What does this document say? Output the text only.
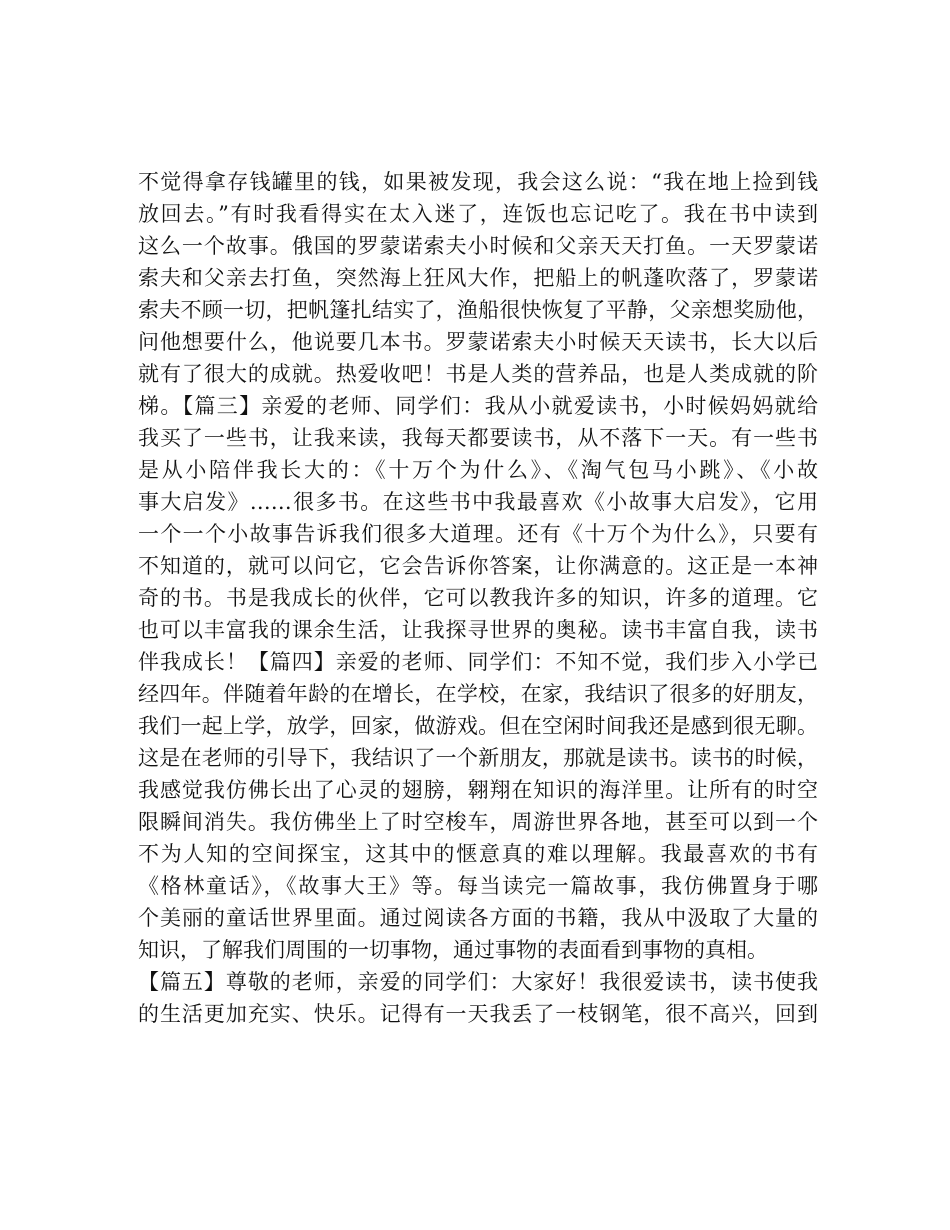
不觉得拿存钱罐里的钱，如果被发现，我会这么说：“我在地上捡到钱
放回去。”有时我看得实在太入迷了，连饭也忘记吃了。我在书中读到
这么一个故事。俄国的罗蒙诺索夫小时候和父亲天天打鱼。一天罗蒙诺
索夫和父亲去打鱼，突然海上狂风大作，把船上的帆蓬吹落了，罗蒙诺
索夫不顾一切，把帆篷扎结实了，渔船很快恢复了平静，父亲想奖励他，
问他想要什么，他说要几本书。罗蒙诺索夫小时候天天读书，长大以后
就有了很大的成就。热爱收吧！书是人类的营养品，也是人类成就的阶
梯。【篇三】亲爱的老师、同学们：我从小就爱读书，小时候妈妈就给
我买了一些书，让我来读，我每天都要读书，从不落下一天。有一些书
是从小陪伴我长大的：《十万个为什么》、《淘气包马小跳》、《小故
事大启发》……很多书。在这些书中我最喜欢《小故事大启发》，它用
一个一个小故事告诉我们很多大道理。还有《十万个为什么》，只要有
不知道的，就可以问它，它会告诉你答案，让你满意的。这正是一本神
奇的书。书是我成长的伙伴，它可以教我许多的知识，许多的道理。它
也可以丰富我的课余生活，让我探寻世界的奥秘。读书丰富自我，读书
伴我成长！【篇四】亲爱的老师、同学们：不知不觉，我们步入小学已
经四年。伴随着年龄的在增长，在学校，在家，我结识了很多的好朋友，
我们一起上学，放学，回家，做游戏。但在空闲时间我还是感到很无聊。
这是在老师的引导下，我结识了一个新朋友，那就是读书。读书的时候，
我感觉我仿佛长出了心灵的翅膀，翱翔在知识的海洋里。让所有的时空
限瞬间消失。我仿佛坐上了时空梭车，周游世界各地，甚至可以到一个
不为人知的空间探宝，这其中的惬意真的难以理解。我最喜欢的书有
《格林童话》，《故事大王》等。每当读完一篇故事，我仿佛置身于哪
个美丽的童话世界里面。通过阅读各方面的书籍，我从中汲取了大量的
知识，了解我们周围的一切事物，通过事物的表面看到事物的真相。
【篇五】尊敬的老师，亲爱的同学们：大家好！我很爱读书，读书使我
的生活更加充实、快乐。记得有一天我丢了一枝钢笔，很不高兴，回到
